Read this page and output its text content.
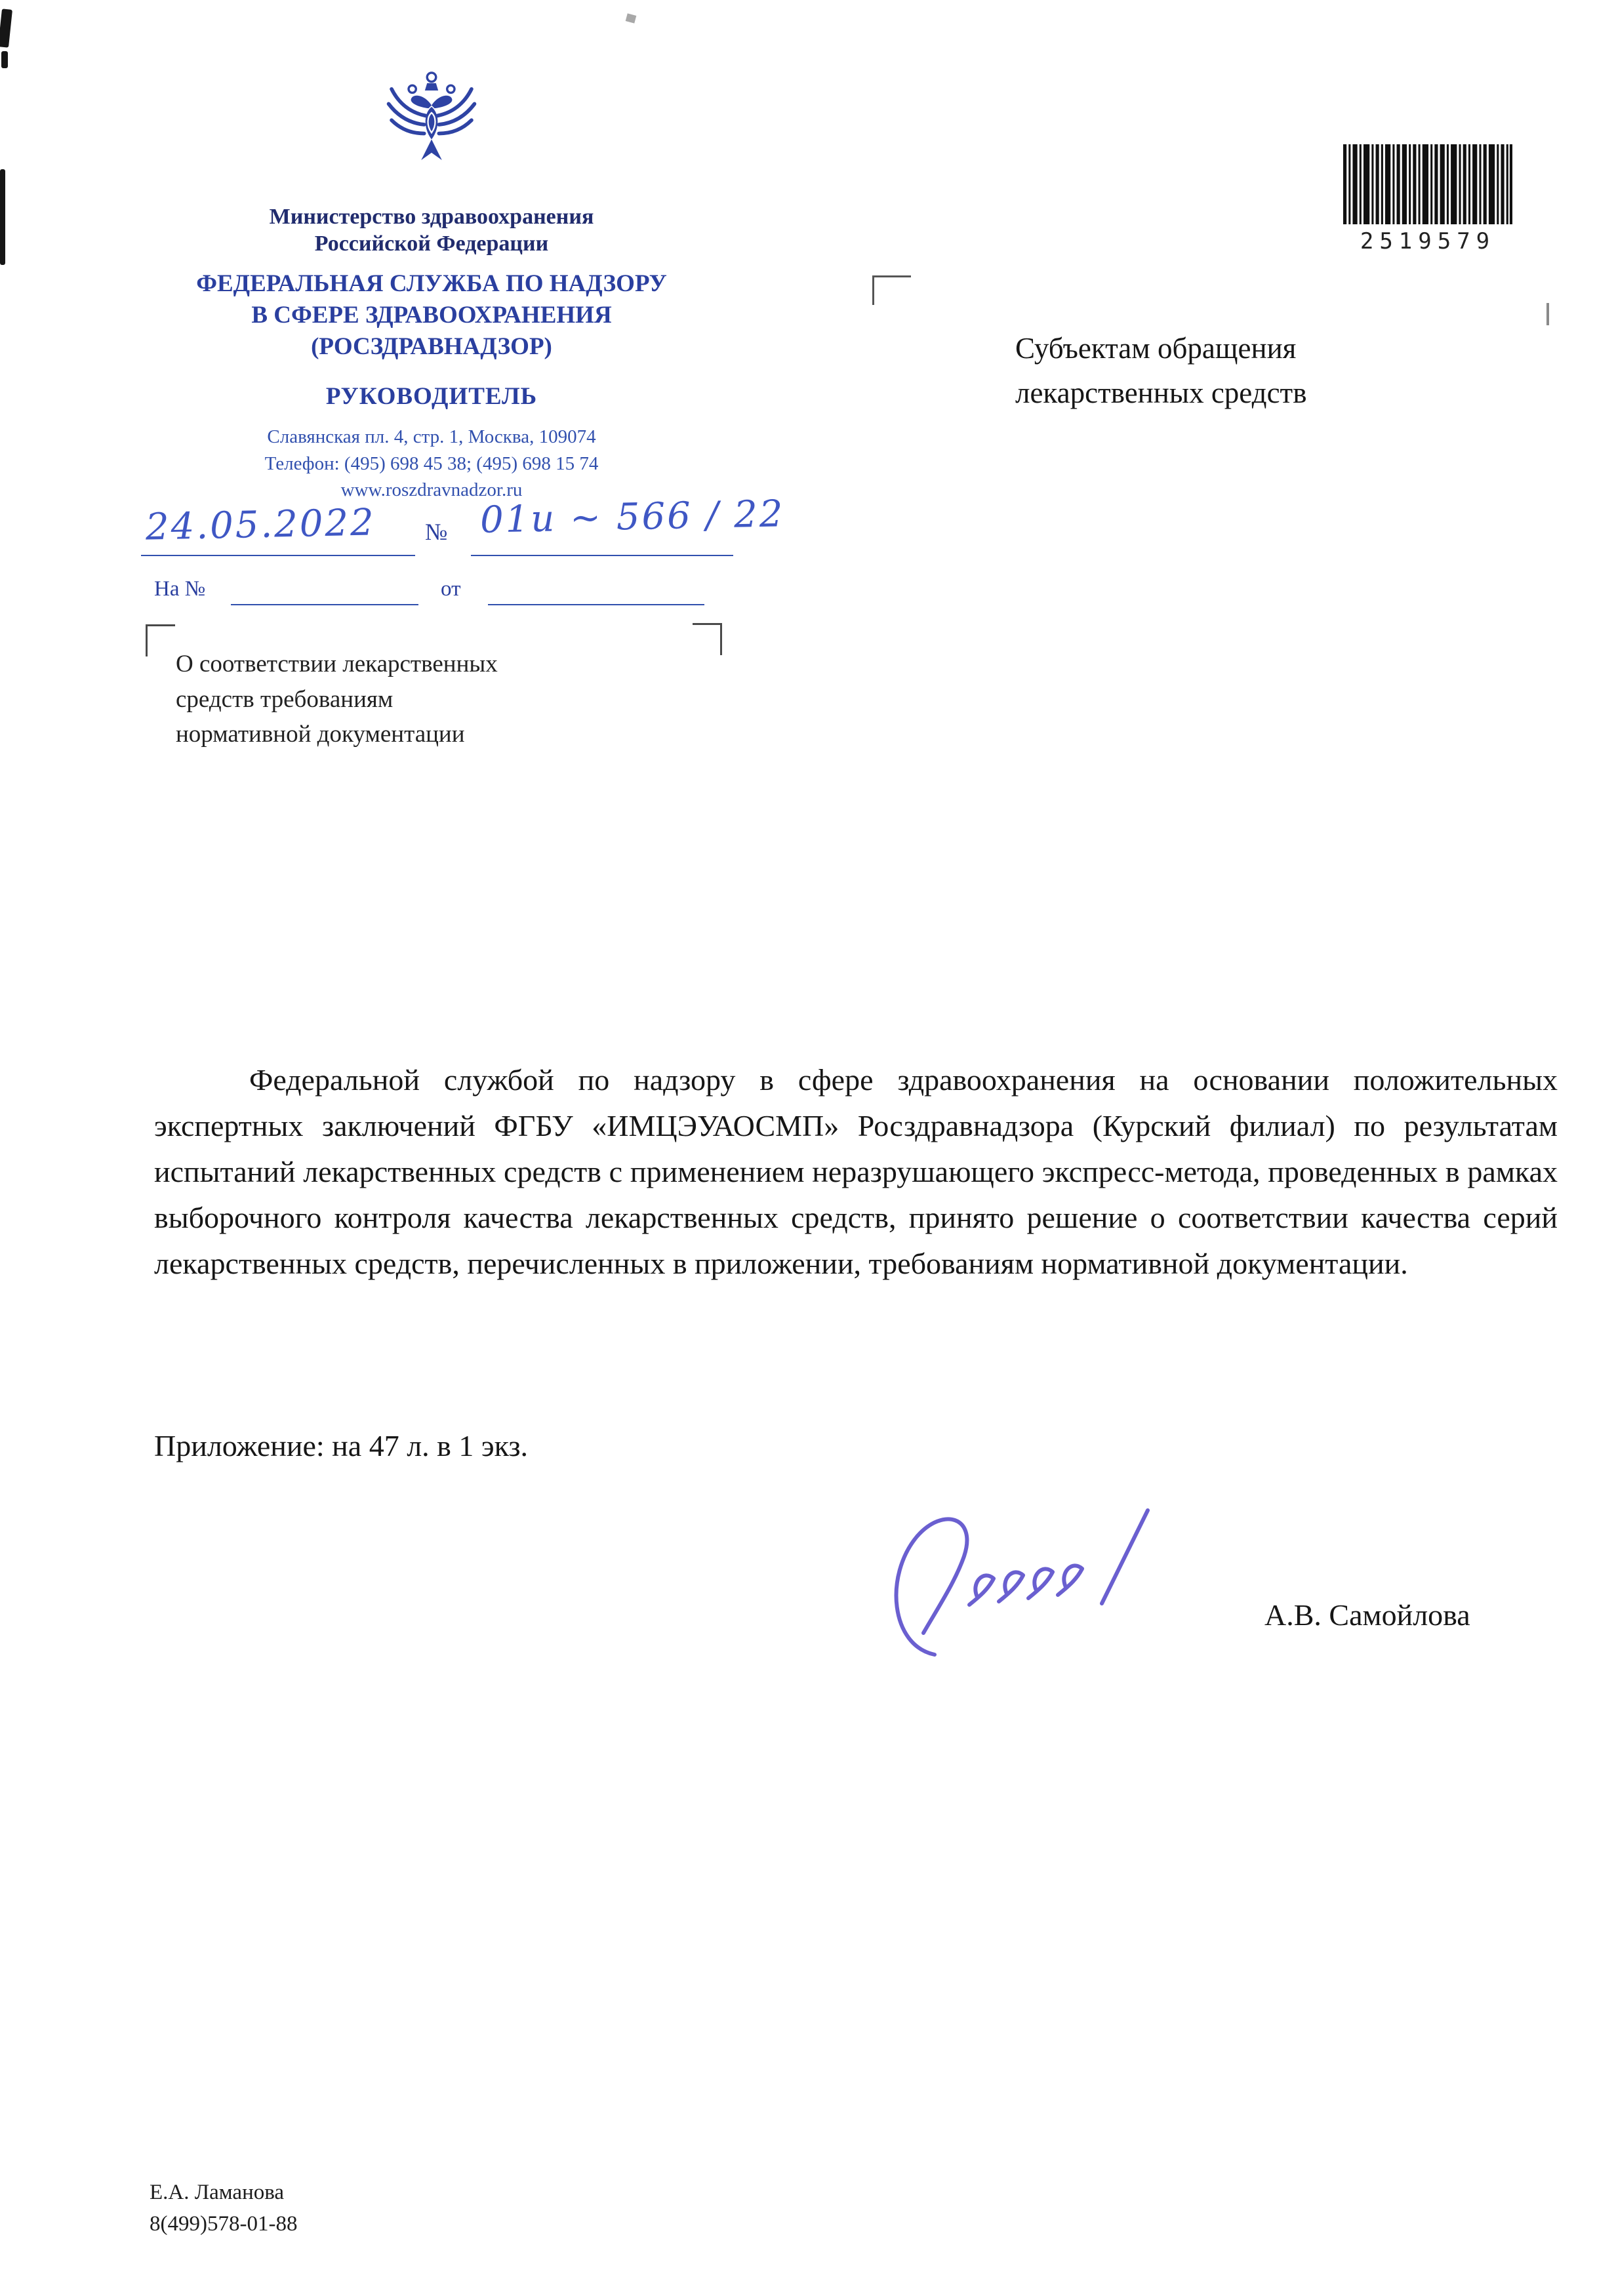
Министерство здравоохранения
Российской Федерации
ФЕДЕРАЛЬНАЯ СЛУЖБА ПО НАДЗОРУ
В СФЕРЕ ЗДРАВООХРАНЕНИЯ
(РОСЗДРАВНАДЗОР)
РУКОВОДИТЕЛЬ
Славянская пл. 4, стр. 1, Москва, 109074
Телефон: (495) 698 45 38; (495) 698 15 74
www.roszdravnadzor.ru
24.05.2022 № 01и ~ 566 / 22
На №	от
О соответствии лекарственных
средств требованиям
нормативной документации
2519579
Субъектам обращения
лекарственных средств
Федеральной службой по надзору в сфере здравоохранения на основании положительных экспертных заключений ФГБУ «ИМЦЭУАОСМП» Росздравнадзора (Курский филиал) по результатам испытаний лекарственных средств с применением неразрушающего экспресс-метода, проведенных в рамках выборочного контроля качества лекарственных средств, принято решение о соответствии качества серий лекарственных средств, перечисленных в приложении, требованиям нормативной документации.
Приложение: на 47 л. в 1 экз.
А.В. Самойлова
Е.А. Ламанова
8(499)578-01-88
